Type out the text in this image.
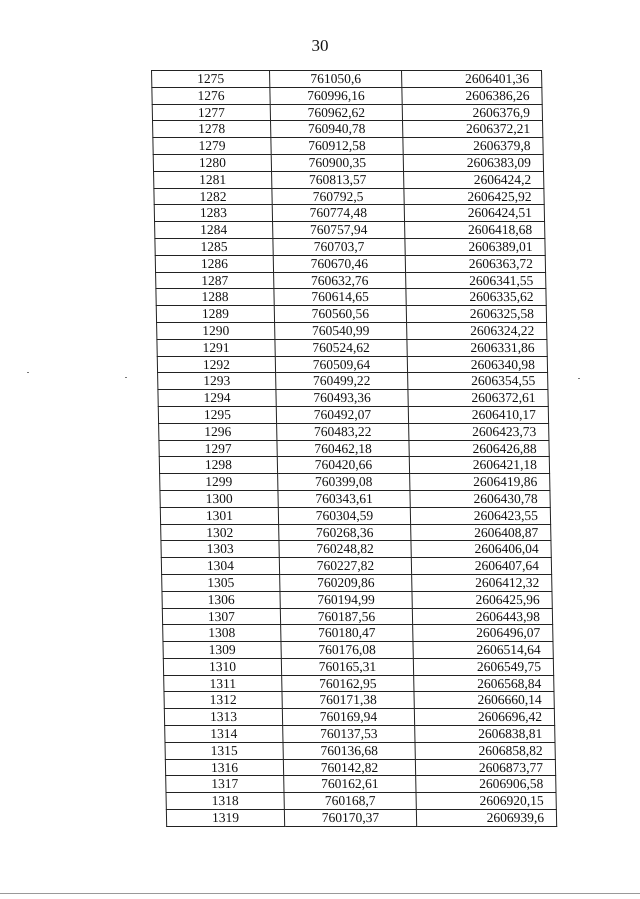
30
1275	761050,6	2606401,36
1276	760996,16	2606386,26
1277	760962,62	2606376,9
1278	760940,78	2606372,21
1279	760912,58	2606379,8
1280	760900,35	2606383,09
1281	760813,57	2606424,2
1282	760792,5	2606425,92
1283	760774,48	2606424,51
1284	760757,94	2606418,68
1285	760703,7	2606389,01
1286	760670,46	2606363,72
1287	760632,76	2606341,55
1288	760614,65	2606335,62
1289	760560,56	2606325,58
1290	760540,99	2606324,22
1291	760524,62	2606331,86
1292	760509,64	2606340,98
1293	760499,22	2606354,55
1294	760493,36	2606372,61
1295	760492,07	2606410,17
1296	760483,22	2606423,73
1297	760462,18	2606426,88
1298	760420,66	2606421,18
1299	760399,08	2606419,86
1300	760343,61	2606430,78
1301	760304,59	2606423,55
1302	760268,36	2606408,87
1303	760248,82	2606406,04
1304	760227,82	2606407,64
1305	760209,86	2606412,32
1306	760194,99	2606425,96
1307	760187,56	2606443,98
1308	760180,47	2606496,07
1309	760176,08	2606514,64
1310	760165,31	2606549,75
1311	760162,95	2606568,84
1312	760171,38	2606660,14
1313	760169,94	2606696,42
1314	760137,53	2606838,81
1315	760136,68	2606858,82
1316	760142,82	2606873,77
1317	760162,61	2606906,58
1318	760168,7	2606920,15
1319	760170,37	2606939,6
